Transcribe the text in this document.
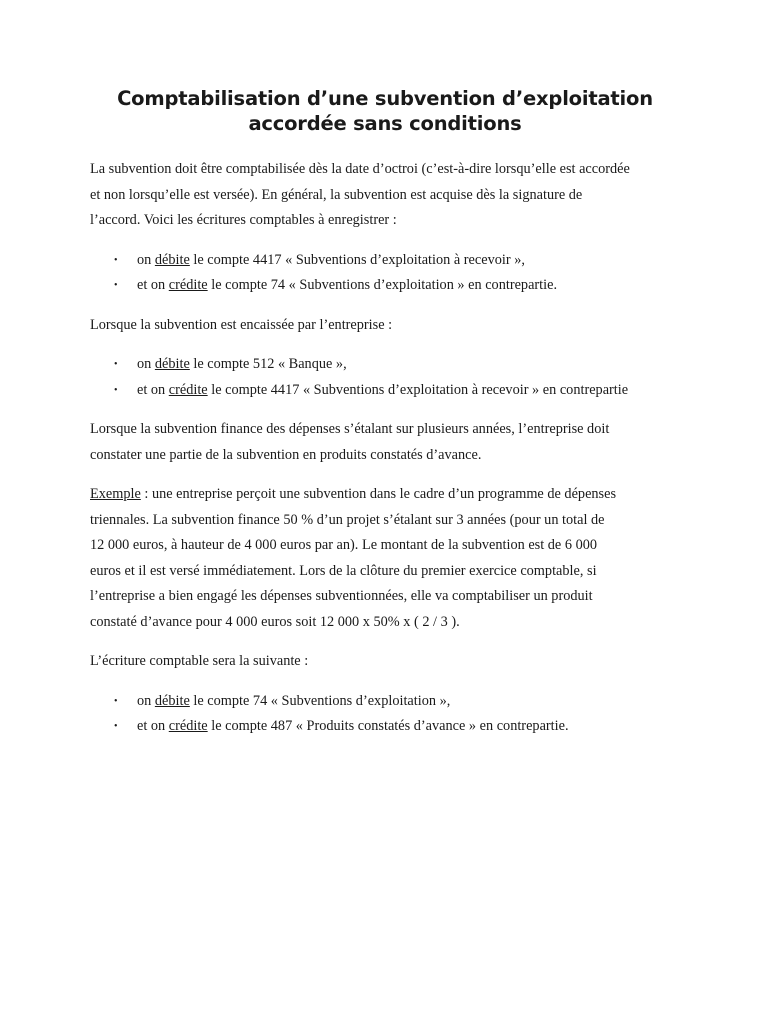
Comptabilisation d’une subvention d’exploitation
accordée sans conditions

La subvention doit être comptabilisée dès la date d’octroi (c’est-à-dire lorsqu’elle est accordée
et non lorsqu’elle est versée). En général, la subvention est acquise dès la signature de
l’accord. Voici les écritures comptables à enregistrer :

• on débite le compte 4417 « Subventions d’exploitation à recevoir »,
• et on crédite le compte 74 « Subventions d’exploitation » en contrepartie.

Lorsque la subvention est encaissée par l’entreprise :

• on débite le compte 512 « Banque »,
• et on crédite le compte 4417 « Subventions d’exploitation à recevoir » en contrepartie

Lorsque la subvention finance des dépenses s’étalant sur plusieurs années, l’entreprise doit
constater une partie de la subvention en produits constatés d’avance.

Exemple : une entreprise perçoit une subvention dans le cadre d’un programme de dépenses
triennales. La subvention finance 50 % d’un projet s’étalant sur 3 années (pour un total de
12 000 euros, à hauteur de 4 000 euros par an). Le montant de la subvention est de 6 000
euros et il est versé immédiatement. Lors de la clôture du premier exercice comptable, si
l’entreprise a bien engagé les dépenses subventionnées, elle va comptabiliser un produit
constaté d’avance pour 4 000 euros soit 12 000 x 50% x ( 2 / 3 ).

L’écriture comptable sera la suivante :

• on débite le compte 74 « Subventions d’exploitation »,
• et on crédite le compte 487 « Produits constatés d’avance » en contrepartie.
